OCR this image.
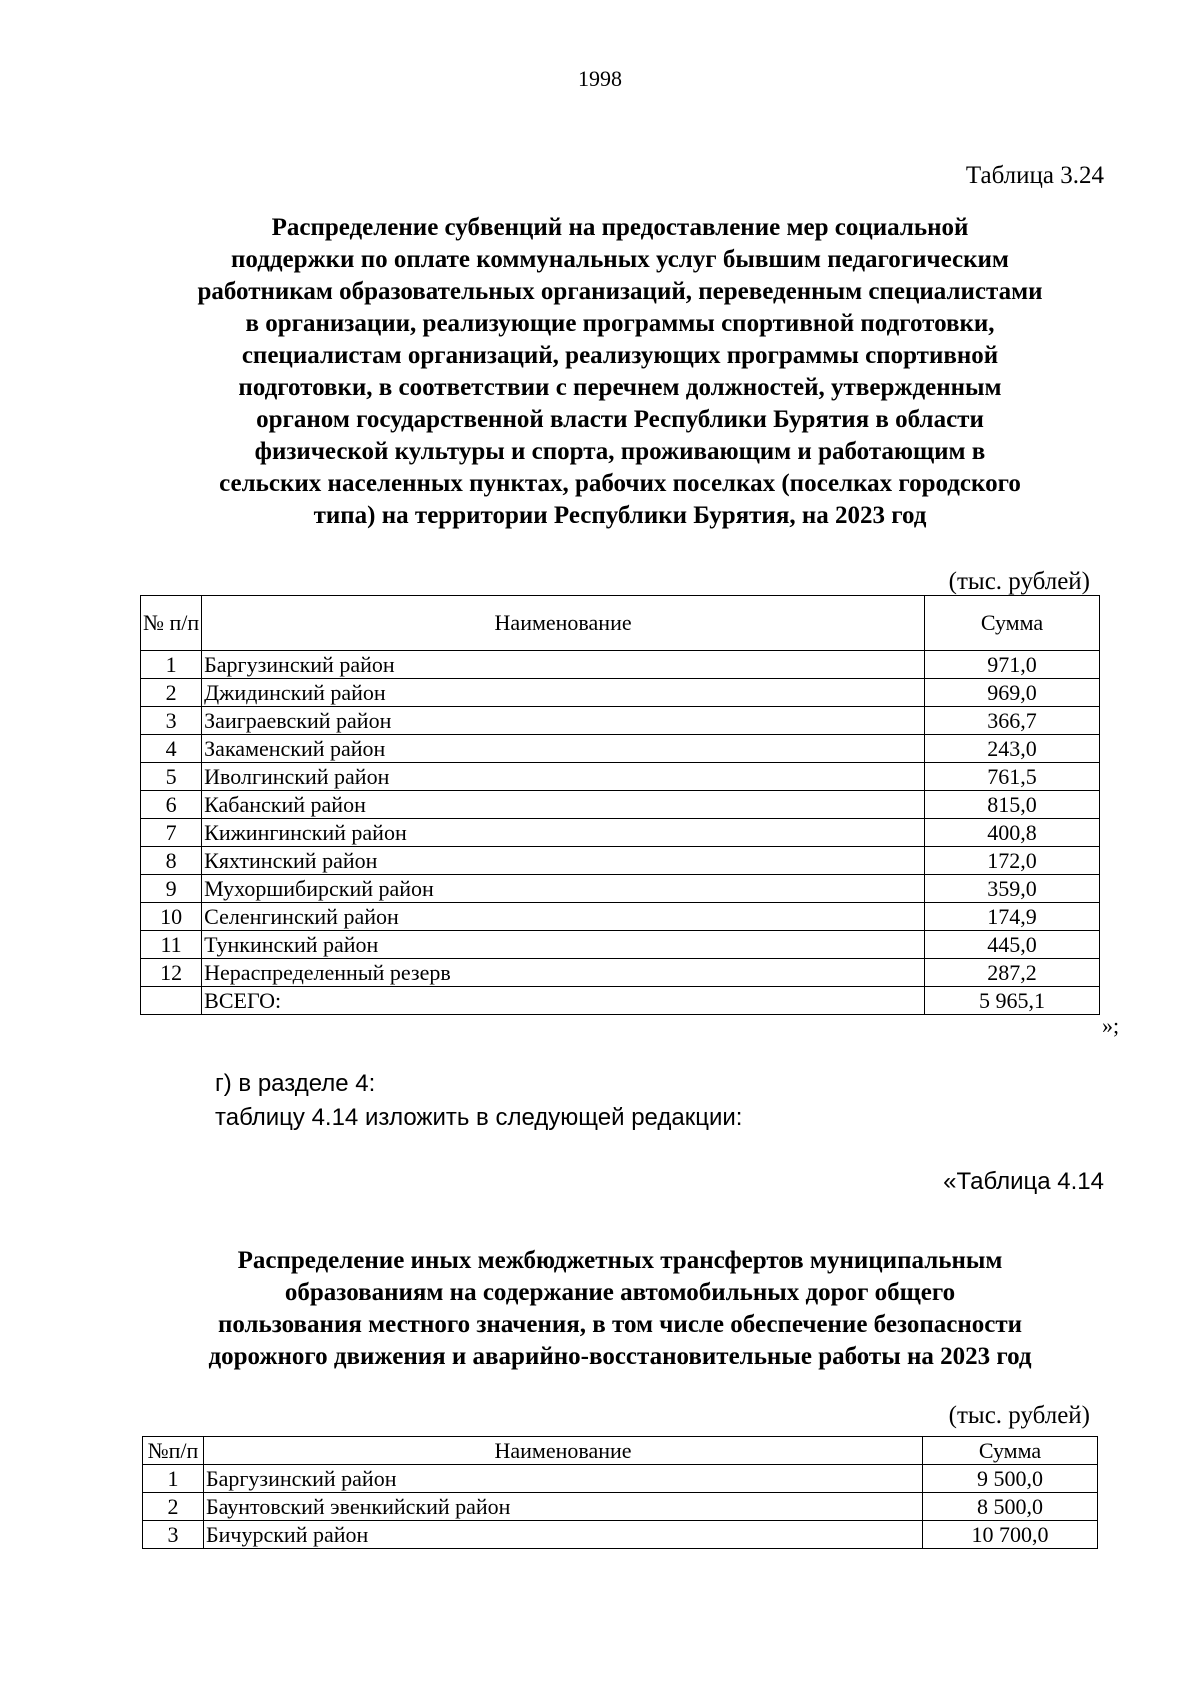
1998
Таблица 3.24
Распределение субвенций на предоставление мер социальной
поддержки по оплате коммунальных услуг бывшим педагогическим
работникам образовательных организаций, переведенным специалистами
в организации, реализующие программы спортивной подготовки,
специалистам организаций, реализующих программы спортивной
подготовки, в соответствии с перечнем должностей, утвержденным
органом государственной власти Республики Бурятия в области
физической культуры и спорта, проживающим и работающим в
сельских населенных пунктах, рабочих поселках (поселках городского
типа) на территории Республики Бурятия, на 2023 год
(тыс. рублей)
№ п/п	Наименование	Сумма
1	Баргузинский район	971,0
2	Джидинский район	969,0
3	Заиграевский район	366,7
4	Закаменский район	243,0
5	Иволгинский район	761,5
6	Кабанский район	815,0
7	Кижингинский район	400,8
8	Кяхтинский район	172,0
9	Мухоршибирский район	359,0
10	Селенгинский район	174,9
11	Тункинский район	445,0
12	Нераспределенный резерв	287,2
	ВСЕГО:	5 965,1
»;
г) в разделе 4:
таблицу 4.14 изложить в следующей редакции:
«Таблица 4.14
Распределение иных межбюджетных трансфертов муниципальным
образованиям на содержание автомобильных дорог общего
пользования местного значения, в том числе обеспечение безопасности
дорожного движения и аварийно-восстановительные работы на 2023 год
(тыс. рублей)
№п/п	Наименование	Сумма
1	Баргузинский район	9 500,0
2	Баунтовский эвенкийский район	8 500,0
3	Бичурский район	10 700,0
